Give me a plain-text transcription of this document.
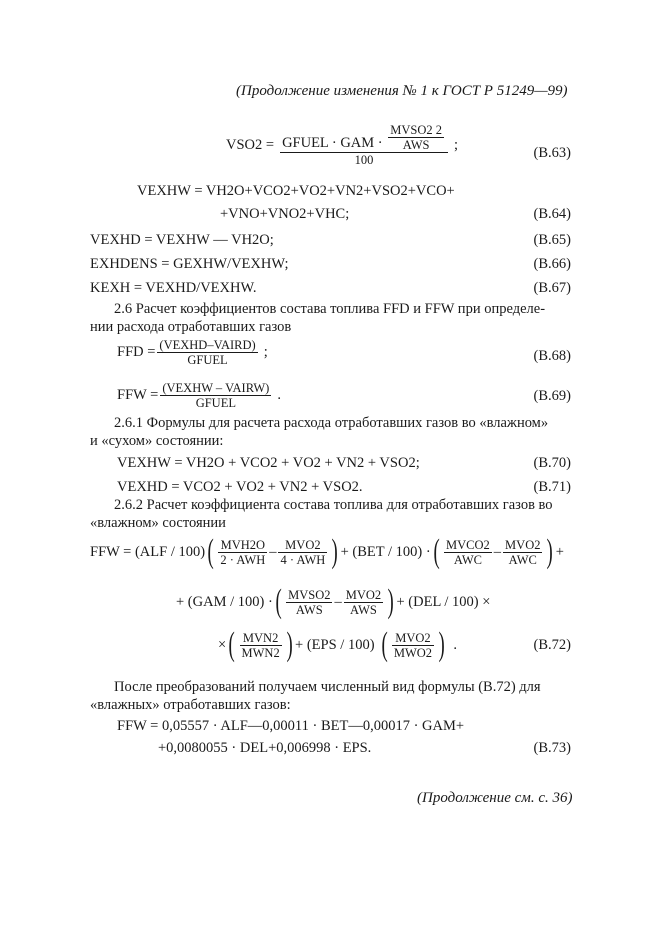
(Продолжение изменения № 1 к ГОСТ Р 51249—99)
$VSO2 = \frac{GFUEL \cdot GAM \cdot \frac{\text{MVSO2 2}}{\text{AWS}}}{100}$ ;
(B.63)
VEXHW = VH2O+VCO2+VO2+VN2+VSO2+VCO+
+VNO+VNO2+VHC;	(B.64)
VEXHD = VEXHW — VH2O;	(B.65)
EXHDENS = GEXHW/VEXHW;	(B.66)
KEXH = VEXHD/VEXHW.	(B.67)
2.6 Расчет коэффициентов состава топлива FFD и FFW при определе-
нии расхода отработавших газов
FFD = $\frac{\text{(VEXHD–VAIRD)}}{\text{GFUEL}}$ ;	(B.68)
FFW = $\frac{\text{(VEXHW – VAIRW)}}{\text{GFUEL}}$ .	(B.69)
2.6.1 Формулы для расчета расхода отработавших газов во «влажном»
и «сухом» состоянии:
VEXHW = VH2O + VCO2 + VO2 + VN2 + VSO2;	(B.70)
VEXHD = VCO2 + VO2 + VN2 + VSO2.	(B.71)
2.6.2 Расчет коэффициента состава топлива для отработавших газов во
«влажном» состоянии
FFW = (ALF / 100) ( $\frac{\text{MVH2O}}{\text{2 · AWH}} - \frac{\text{MVO2}}{\text{4 · AWH}}$ ) + (BET / 100) · ( $\frac{\text{MVCO2}}{\text{AWC}} - \frac{\text{MVO2}}{\text{AWC}}$ ) +
+ (GAM / 100) · ( $\frac{\text{MVSO2}}{\text{AWS}} - \frac{\text{MVO2}}{\text{AWS}}$ ) + (DEL / 100) ×
× ( $\frac{\text{MVN2}}{\text{MWN2}}$ ) + (EPS / 100) ( $\frac{\text{MVO2}}{\text{MWO2}}$ ) .	(B.72)
После преобразований получаем численный вид формулы (B.72) для
«влажных» отработавших газов:
FFW = 0,05557 · ALF—0,00011 · BET—0,00017 · GAM+
+0,0080055 · DEL+0,006998 · EPS.	(B.73)
(Продолжение см. с. 36)
